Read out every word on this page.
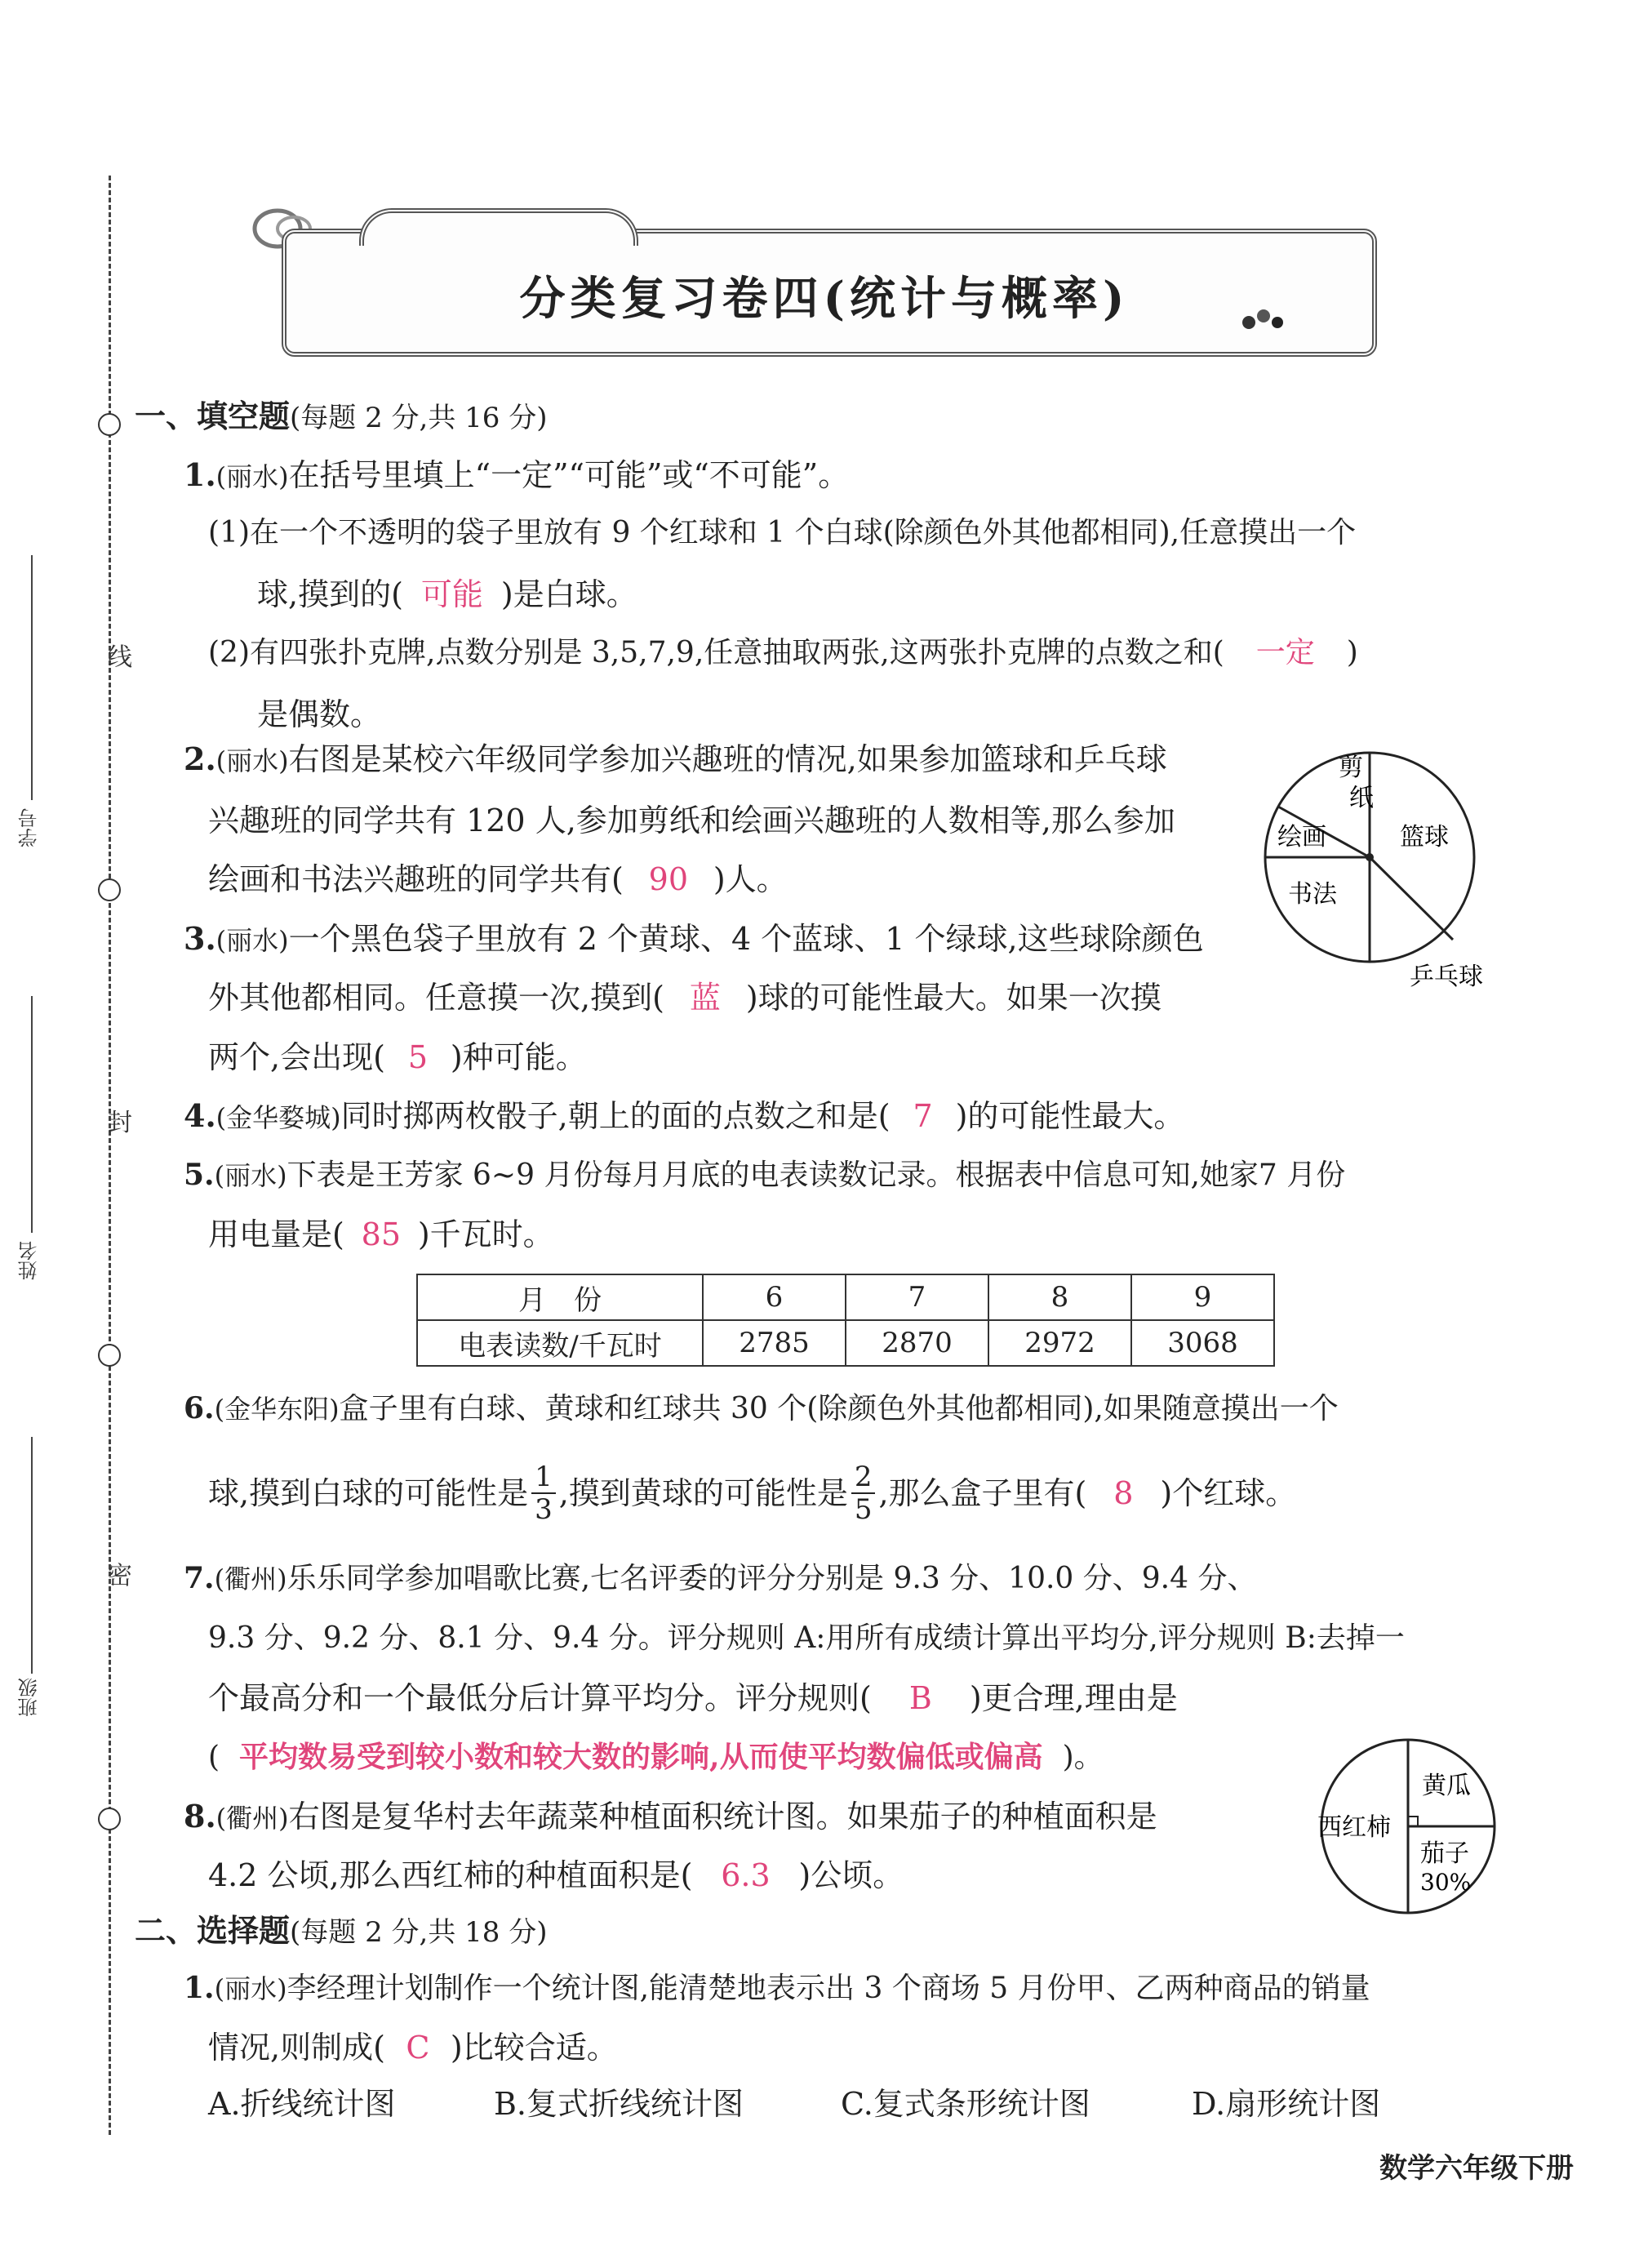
线
封
密
学号
姓名
班级
分类复习卷四(统计与概率)
一、填空题(每题 2 分,共 16 分)
1.(丽水)在括号里填上“一定”“可能”或“不可能”。
(1)在一个不透明的袋子里放有 9 个红球和 1 个白球(除颜色外其他都相同),任意摸出一个
球,摸到的( 可能 )是白球。
(2)有四张扑克牌,点数分别是 3,5,7,9,任意抽取两张,这两张扑克牌的点数之和( 一定 )
是偶数。
2.(丽水)右图是某校六年级同学参加兴趣班的情况,如果参加篮球和乒乓球
兴趣班的同学共有 120 人,参加剪纸和绘画兴趣班的人数相等,那么参加
绘画和书法兴趣班的同学共有( 90 )人。
剪
纸
绘画	篮球
书法
乒乓球
3.(丽水)一个黑色袋子里放有 2 个黄球、4 个蓝球、1 个绿球,这些球除颜色
外其他都相同。任意摸一次,摸到( 蓝 )球的可能性最大。如果一次摸
两个,会出现( 5 )种可能。
4.(金华婺城)同时掷两枚骰子,朝上的面的点数之和是( 7 )的可能性最大。
5.(丽水)下表是王芳家 6~9 月份每月月底的电表读数记录。根据表中信息可知,她家7 月份
用电量是( 85 )千瓦时。
月　份	6	7	8	9
电表读数/千瓦时	2785	2870	2972	3068
6.(金华东阳)盒子里有白球、黄球和红球共 30 个(除颜色外其他都相同),如果随意摸出一个
球,摸到白球的可能性是 $\frac{1}{3}$ ,摸到黄球的可能性是 $\frac{2}{5}$ ,那么盒子里有( 8 )个红球。
7.(衢州)乐乐同学参加唱歌比赛,七名评委的评分分别是 9.3 分、10.0 分、9.4 分、
9.3 分、9.2 分、8.1 分、9.4 分。评分规则 A:用所有成绩计算出平均分,评分规则 B:去掉一
个最高分和一个最低分后计算平均分。评分规则( B )更合理,理由是
( 平均数易受到较小数和较大数的影响,从而使平均数偏低或偏高 )。
8.(衢州)右图是复华村去年蔬菜种植面积统计图。如果茄子的种植面积是
4.2 公顷,那么西红柿的种植面积是( 6.3 )公顷。
西红柿
黄瓜
茄子
30%
二、选择题(每题 2 分,共 18 分)
1.(丽水)李经理计划制作一个统计图,能清楚地表示出 3 个商场 5 月份甲、乙两种商品的销量
情况,则制成( C )比较合适。
A.折线统计图	B.复式折线统计图	C.复式条形统计图	D.扇形统计图
数学六年级下册
